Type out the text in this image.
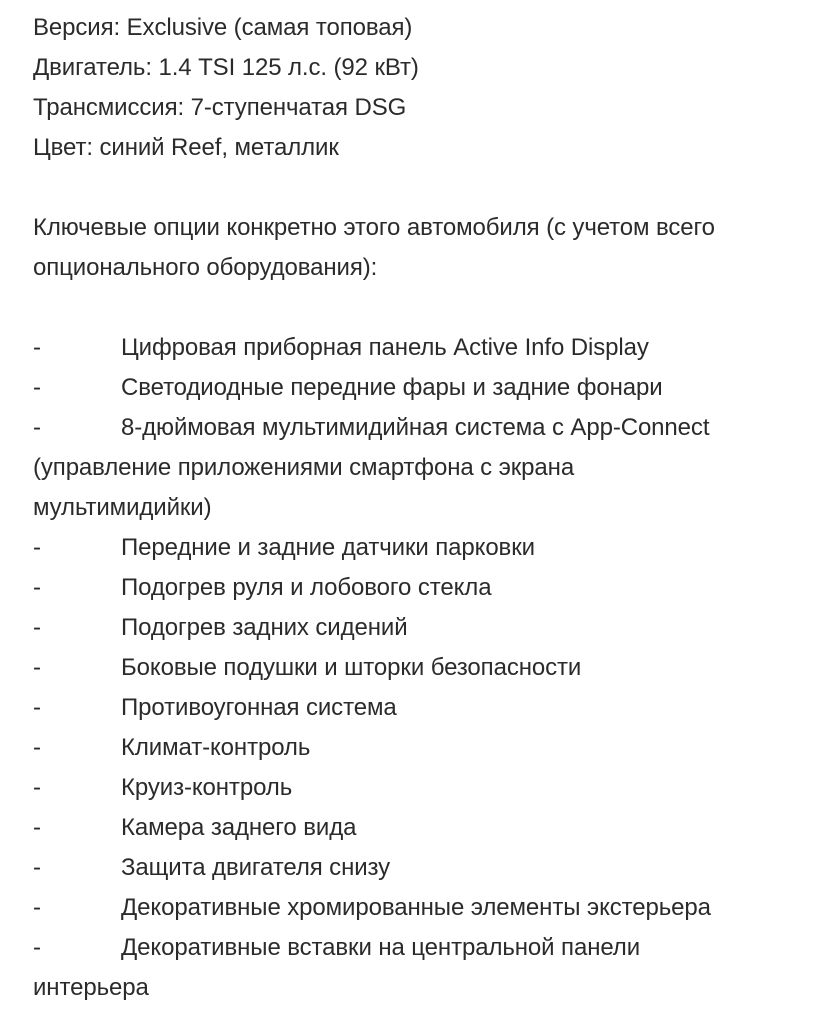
Версия: Exclusive (самая топовая)

Двигатель: 1.4 TSI 125 л.с. (92 кВт)

Трансмиссия: 7-ступенчатая DSG

Цвет: синий Reef, металлик

Ключевые опции конкретно этого автомобиля (с учетом всего

опционального оборудования):

-	Цифровая приборная панель Active Info Display
-	Светодиодные передние фары и задние фонари
-	8-дюймовая мультимидийная система с App-Connect
(управление приложениями смартфона с экрана
мультимидийки)
-	Передние и задние датчики парковки
-	Подогрев руля и лобового стекла
-	Подогрев задних сидений
-	Боковые подушки и шторки безопасности
-	Противоугонная система
-	Климат-контроль
-	Круиз-контроль
-	Камера заднего вида
-	Защита двигателя снизу
-	Декоративные хромированные элементы экстерьера
-	Декоративные вставки на центральной панели
интерьера
